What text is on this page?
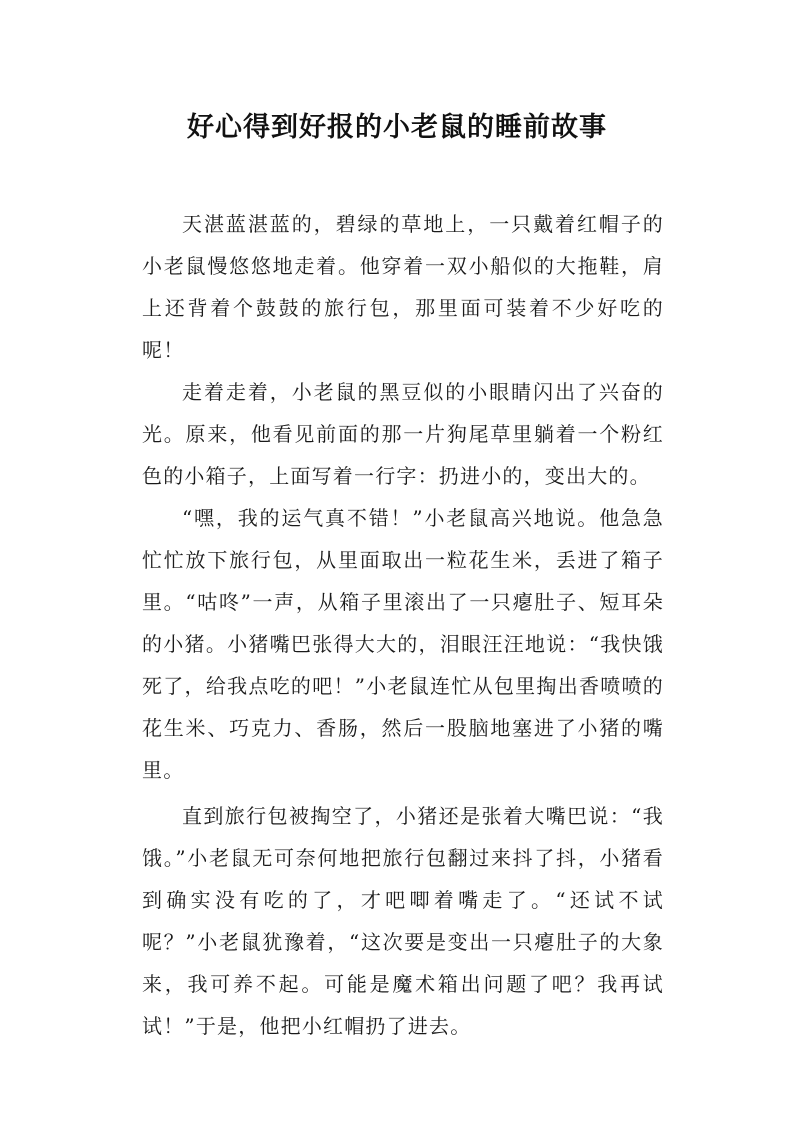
好心得到好报的小老鼠的睡前故事

天湛蓝湛蓝的，碧绿的草地上，一只戴着红帽子的小老鼠慢悠悠地走着。他穿着一双小船似的大拖鞋，肩上还背着个鼓鼓的旅行包，那里面可装着不少好吃的呢！

走着走着，小老鼠的黑豆似的小眼睛闪出了兴奋的光。原来，他看见前面的那一片狗尾草里躺着一个粉红色的小箱子，上面写着一行字：扔进小的，变出大的。

“嘿，我的运气真不错！”小老鼠高兴地说。他急急忙忙放下旅行包，从里面取出一粒花生米，丢进了箱子里。“咕咚”一声，从箱子里滚出了一只瘪肚子、短耳朵的小猪。小猪嘴巴张得大大的，泪眼汪汪地说：“我快饿死了，给我点吃的吧！”小老鼠连忙从包里掏出香喷喷的花生米、巧克力、香肠，然后一股脑地塞进了小猪的嘴里。

直到旅行包被掏空了，小猪还是张着大嘴巴说：“我饿。”小老鼠无可奈何地把旅行包翻过来抖了抖，小猪看到确实没有吃的了，才吧唧着嘴走了。“还试不试呢？”小老鼠犹豫着，“这次要是变出一只瘪肚子的大象来，我可养不起。可能是魔术箱出问题了吧？我再试试！”于是，他把小红帽扔了进去。
